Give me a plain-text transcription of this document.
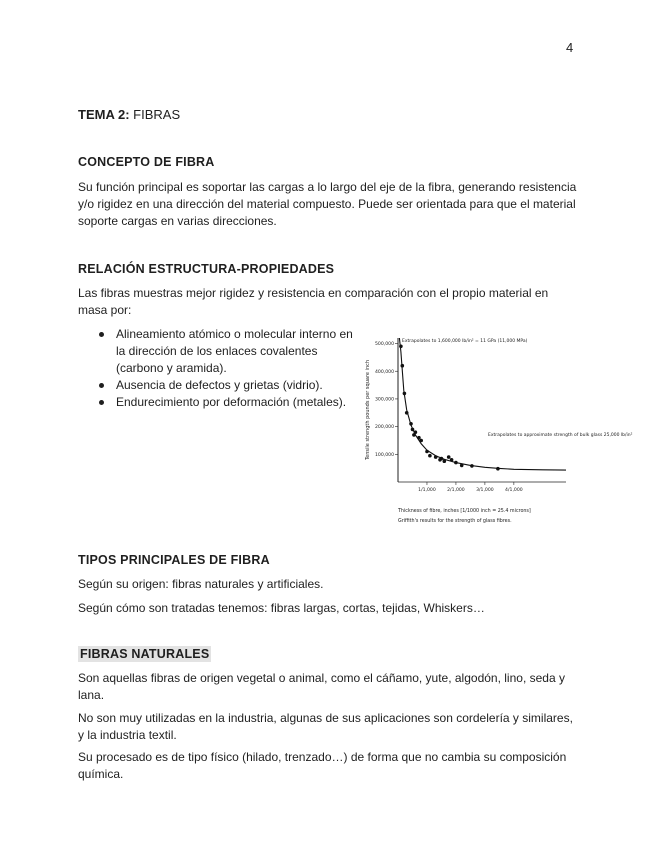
4
TEMA 2: FIBRAS
CONCEPTO DE FIBRA

Su función principal es soportar las cargas a lo largo del eje de la fibra, generando resistencia y/o rigidez en una dirección del material compuesto. Puede ser orientada para que el material soporte cargas en varias direcciones.

RELACIÓN ESTRUCTURA-PROPIEDADES

Las fibras muestras mejor rigidez y resistencia en comparación con el propio material en masa por:

Alineamiento atómico o molecular interno en la dirección de los enlaces covalentes (carbono y aramida).
Ausencia de defectos y grietas (vidrio).
Endurecimiento por deformación (metales).	Tensile strength pounds per square inch
500,000
400,000
300,000
200,000
100,000
1/1,000 2/1,000 3/1,000 4/1,000
Extrapolates to 1,600,000 lb/in² = 11 GPa (11,000 MPa)
Extrapolates to approximate strength of bulk glass 25,000 lb/in²
Thickness of fibre, inches [1/1000 inch = 25.4 microns]
Griffith's results for the strength of glass fibres.
TIPOS PRINCIPALES DE FIBRA

Según su origen: fibras naturales y artificiales.

Según cómo son tratadas tenemos: fibras largas, cortas, tejidas, Whiskers…

FIBRAS NATURALES

Son aquellas fibras de origen vegetal o animal, como el cáñamo, yute, algodón, lino, seda y lana.

No son muy utilizadas en la industria, algunas de sus aplicaciones son cordelería y similares, y la industria textil.

Su procesado es de tipo físico (hilado, trenzado…) de forma que no cambia su composición química.
